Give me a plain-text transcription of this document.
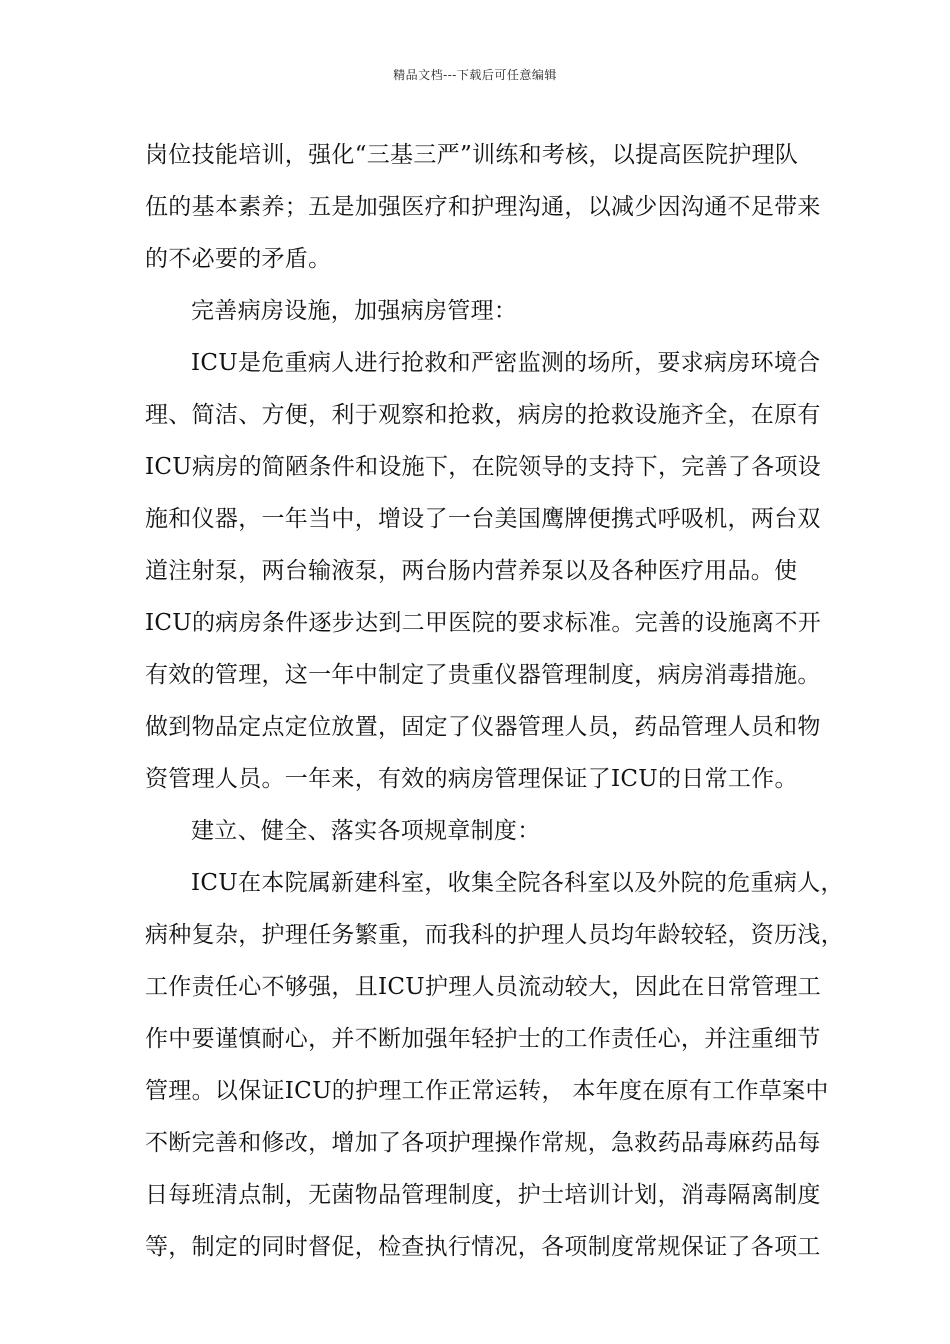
精品文档---下载后可任意编辑
岗位技能培训，强化“三基三严”训练和考核，以提高医院护理队
伍的基本素养；五是加强医疗和护理沟通，以减少因沟通不足带来
的不必要的矛盾。
完善病房设施，加强病房管理：
ICU是危重病人进行抢救和严密监测的场所，要求病房环境合
理、简洁、方便，利于观察和抢救，病房的抢救设施齐全，在原有
ICU病房的简陋条件和设施下，在院领导的支持下，完善了各项设
施和仪器，一年当中，增设了一台美国鹰牌便携式呼吸机，两台双
道注射泵，两台输液泵，两台肠内营养泵以及各种医疗用品。使
ICU的病房条件逐步达到二甲医院的要求标准。完善的设施离不开
有效的管理，这一年中制定了贵重仪器管理制度，病房消毒措施。
做到物品定点定位放置，固定了仪器管理人员，药品管理人员和物
资管理人员。一年来，有效的病房管理保证了ICU的日常工作。
建立、健全、落实各项规章制度：
ICU在本院属新建科室，收集全院各科室以及外院的危重病人，
病种复杂，护理任务繁重，而我科的护理人员均年龄较轻，资历浅，
工作责任心不够强，且ICU护理人员流动较大，因此在日常管理工
作中要谨慎耐心，并不断加强年轻护士的工作责任心，并注重细节
管理。以保证ICU的护理工作正常运转， 本年度在原有工作草案中
不断完善和修改，增加了各项护理操作常规，急救药品毒麻药品每
日每班清点制，无菌物品管理制度，护士培训计划，消毒隔离制度
等，制定的同时督促，检查执行情况，各项制度常规保证了各项工
